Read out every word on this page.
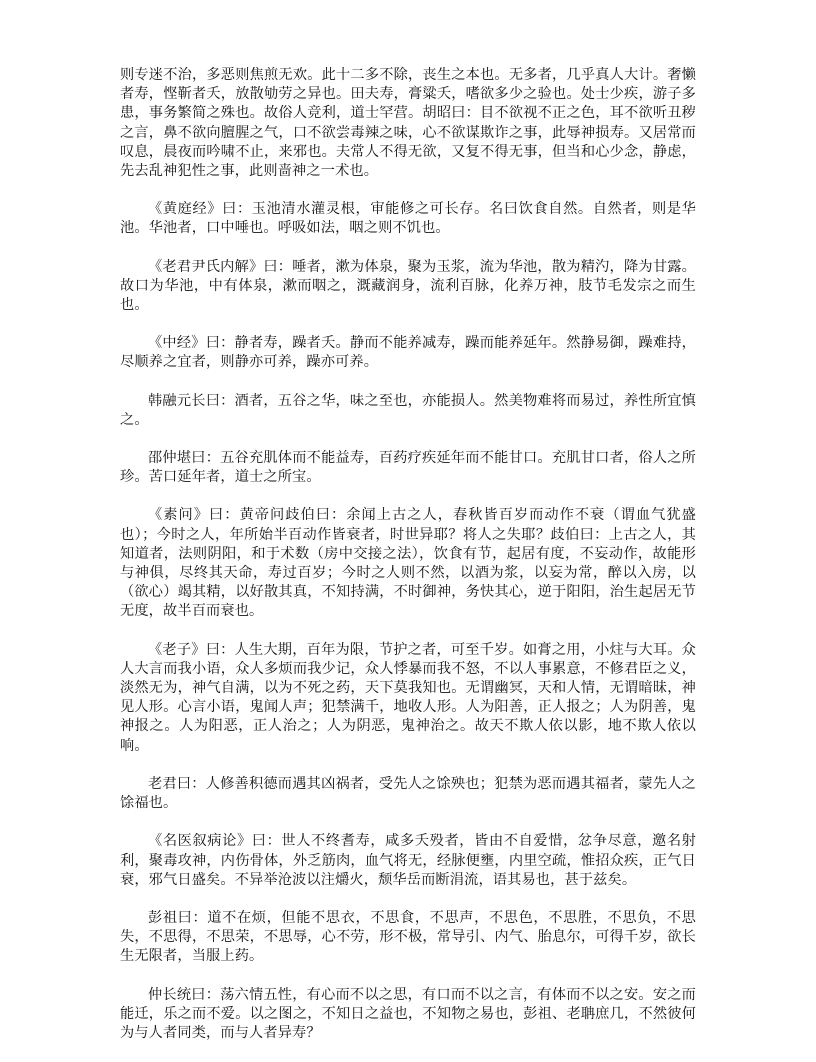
则专迷不治，多恶则焦煎无欢。此十二多不除，丧生之本也。无多者，几乎真人大计。奢懒者寿，悭靳者夭，放散劬劳之异也。田夫寿，膏粱夭，嗜欲多少之验也。处士少疾，游子多患，事务繁简之殊也。故俗人竞利，道士罕营。胡昭曰：目不欲视不正之色，耳不欲听丑秽之言，鼻不欲向膻腥之气，口不欲尝毒辣之味，心不欲谋欺诈之事，此辱神损寿。又居常而叹息，晨夜而吟啸不止，来邪也。夫常人不得无欲，又复不得无事，但当和心少念，静虑，先去乱神犯性之事，此则啬神之一术也。

《黄庭经》曰：玉池清水灌灵根，审能修之可长存。名曰饮食自然。自然者，则是华池。华池者，口中唾也。呼吸如法，咽之则不饥也。

《老君尹氏内解》曰：唾者，漱为体泉，聚为玉浆，流为华池，散为精汋，降为甘露。故口为华池，中有体泉，漱而咽之，溉藏润身，流利百脉，化养万神，肢节毛发宗之而生也。

《中经》曰：静者寿，躁者夭。静而不能养减寿，躁而能养延年。然静易御，躁难持，尽顺养之宜者，则静亦可养，躁亦可养。

韩融元长曰：酒者，五谷之华，味之至也，亦能损人。然美物难将而易过，养性所宜慎之。

邵仲堪曰：五谷充肌体而不能益寿，百药疗疾延年而不能甘口。充肌甘口者，俗人之所珍。苦口延年者，道士之所宝。

《素问》曰：黄帝问歧伯曰：余闻上古之人，春秋皆百岁而动作不衰（谓血气犹盛也）；今时之人，年所始半百动作皆衰者，时世异耶？将人之失耶？歧伯曰：上古之人，其知道者，法则阴阳，和于术数（房中交接之法），饮食有节，起居有度，不妄动作，故能形与神俱，尽终其天命，寿过百岁；今时之人则不然，以酒为浆，以妄为常，醉以入房，以（欲心）竭其精，以好散其真，不知持满，不时御神，务快其心，逆于阳阳，治生起居无节无度，故半百而衰也。

《老子》曰：人生大期，百年为限，节护之者，可至千岁。如膏之用，小炷与大耳。众人大言而我小语，众人多烦而我少记，众人悸暴而我不怒，不以人事累意，不修君臣之义，淡然无为，神气自满，以为不死之药，天下莫我知也。无谓幽冥，天和人情，无谓暗昧，神见人形。心言小语，鬼闻人声；犯禁满千，地收人形。人为阳善，正人报之；人为阴善，鬼神报之。人为阳恶，正人治之；人为阴恶，鬼神治之。故天不欺人依以影，地不欺人依以响。

老君曰：人修善积德而遇其凶祸者，受先人之馀殃也；犯禁为恶而遇其福者，蒙先人之馀福也。

《名医叙病论》曰：世人不终耆寿，咸多夭殁者，皆由不自爱惜，忿争尽意，邀名射利，聚毒攻神，内伤骨体，外乏筋肉，血气将无，经脉便壅，内里空疏，惟招众疾，正气日衰，邪气日盛矣。不异举沧波以注爝火，颓华岳而断涓流，语其易也，甚于兹矣。

彭祖曰：道不在烦，但能不思衣，不思食，不思声，不思色，不思胜，不思负，不思失，不思得，不思荣，不思辱，心不劳，形不极，常导引、内气、胎息尔，可得千岁，欲长生无限者，当服上药。

仲长统曰：荡六情五性，有心而不以之思，有口而不以之言，有体而不以之安。安之而能迁，乐之而不爱。以之图之，不知日之益也，不知物之易也，彭祖、老聃庶几，不然彼何为与人者同类，而与人者异寿？
